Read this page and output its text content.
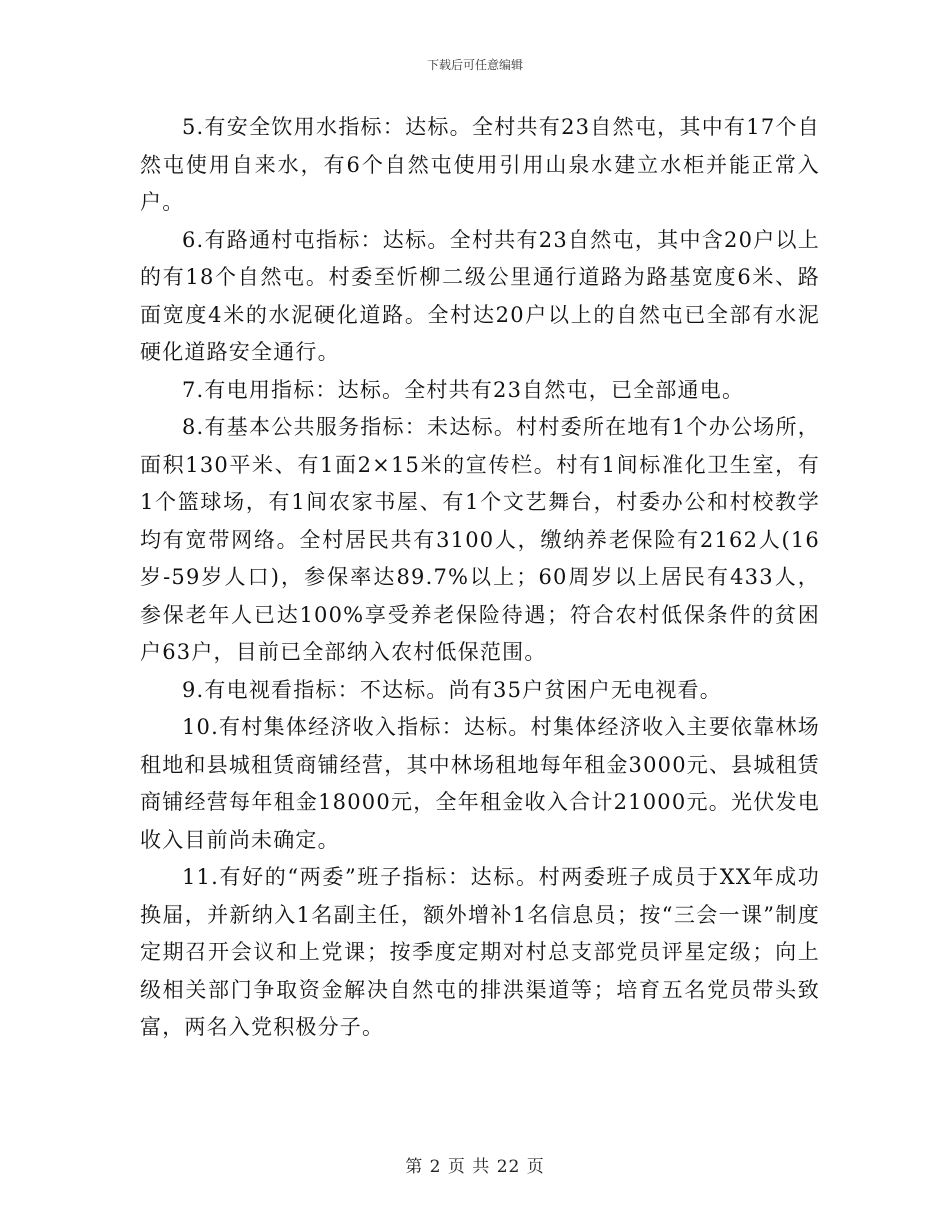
下载后可任意编辑

5.有安全饮用水指标：达标。全村共有23自然屯，其中有17个自然屯使用自来水，有6个自然屯使用引用山泉水建立水柜并能正常入户。

6.有路通村屯指标：达标。全村共有23自然屯，其中含20户以上的有18个自然屯。村委至忻柳二级公里通行道路为路基宽度6米、路面宽度4米的水泥硬化道路。全村达20户以上的自然屯已全部有水泥硬化道路安全通行。

7.有电用指标：达标。全村共有23自然屯，已全部通电。

8.有基本公共服务指标：未达标。村村委所在地有1个办公场所，面积130平米、有1面2×15米的宣传栏。村有1间标准化卫生室，有1个篮球场，有1间农家书屋、有1个文艺舞台，村委办公和村校教学均有宽带网络。全村居民共有3100人，缴纳养老保险有2162人(16岁-59岁人口)，参保率达89.7%以上；60周岁以上居民有433人，参保老年人已达100%享受养老保险待遇；符合农村低保条件的贫困户63户，目前已全部纳入农村低保范围。

9.有电视看指标：不达标。尚有35户贫困户无电视看。

10.有村集体经济收入指标：达标。村集体经济收入主要依靠林场租地和县城租赁商铺经营，其中林场租地每年租金3000元、县城租赁商铺经营每年租金18000元，全年租金收入合计21000元。光伏发电收入目前尚未确定。

11.有好的“两委”班子指标：达标。村两委班子成员于XX年成功换届，并新纳入1名副主任，额外增补1名信息员；按“三会一课”制度定期召开会议和上党课；按季度定期对村总支部党员评星定级；向上级相关部门争取资金解决自然屯的排洪渠道等；培育五名党员带头致富，两名入党积极分子。

第 2 页 共 22 页
